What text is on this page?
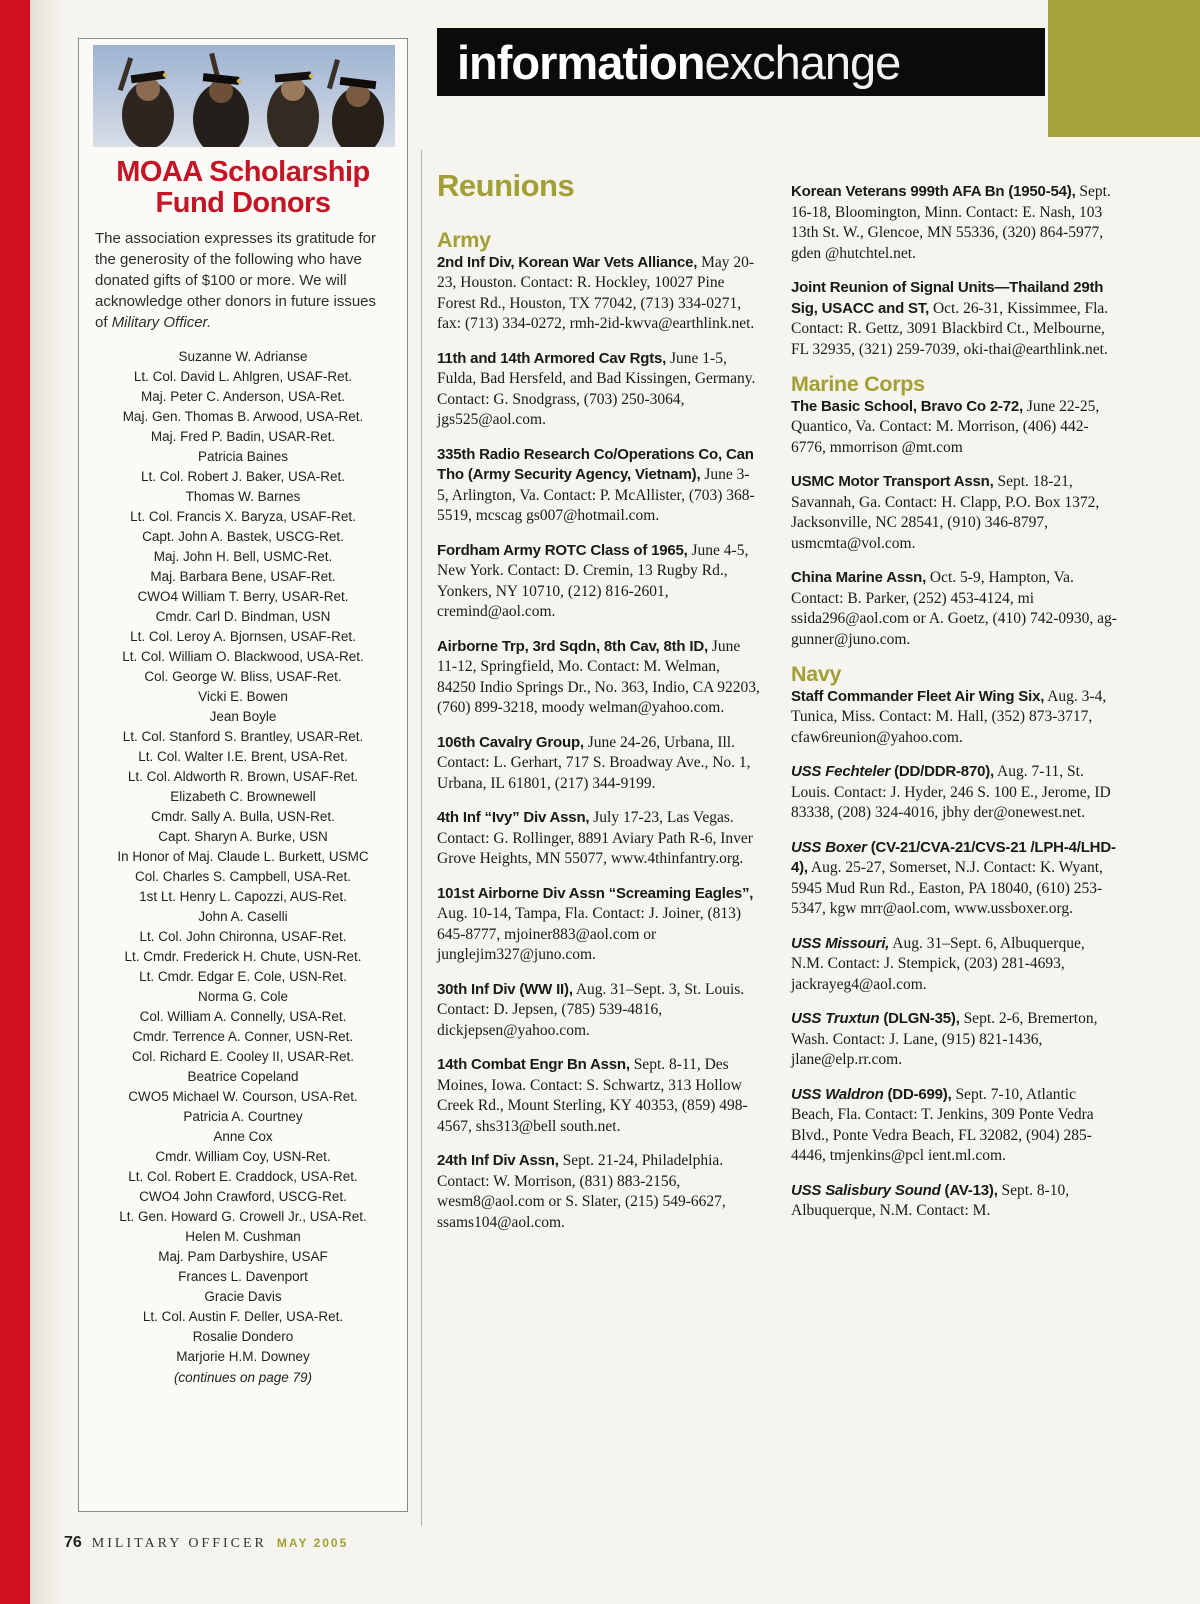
MOAA Scholarship Fund Donors

The association expresses its gratitude for the generosity of the following who have donated gifts of $100 or more. We will acknowledge other donors in future issues of Military Officer.

Suzanne W. Adrianse
Lt. Col. David L. Ahlgren, USAF-Ret.
Maj. Peter C. Anderson, USA-Ret.
Maj. Gen. Thomas B. Arwood, USA-Ret.
Maj. Fred P. Badin, USAR-Ret.
Patricia Baines
Lt. Col. Robert J. Baker, USA-Ret.
Thomas W. Barnes
Lt. Col. Francis X. Baryza, USAF-Ret.
Capt. John A. Bastek, USCG-Ret.
Maj. John H. Bell, USMC-Ret.
Maj. Barbara Bene, USAF-Ret.
CWO4 William T. Berry, USAR-Ret.
Cmdr. Carl D. Bindman, USN
Lt. Col. Leroy A. Bjornsen, USAF-Ret.
Lt. Col. William O. Blackwood, USA-Ret.
Col. George W. Bliss, USAF-Ret.
Vicki E. Bowen
Jean Boyle
Lt. Col. Stanford S. Brantley, USAR-Ret.
Lt. Col. Walter I.E. Brent, USA-Ret.
Lt. Col. Aldworth R. Brown, USAF-Ret.
Elizabeth C. Brownewell
Cmdr. Sally A. Bulla, USN-Ret.
Capt. Sharyn A. Burke, USN
In Honor of Maj. Claude L. Burkett, USMC
Col. Charles S. Campbell, USA-Ret.
1st Lt. Henry L. Capozzi, AUS-Ret.
John A. Caselli
Lt. Col. John Chironna, USAF-Ret.
Lt. Cmdr. Frederick H. Chute, USN-Ret.
Lt. Cmdr. Edgar E. Cole, USN-Ret.
Norma G. Cole
Col. William A. Connelly, USA-Ret.
Cmdr. Terrence A. Conner, USN-Ret.
Col. Richard E. Cooley II, USAR-Ret.
Beatrice Copeland
CWO5 Michael W. Courson, USA-Ret.
Patricia A. Courtney
Anne Cox
Cmdr. William Coy, USN-Ret.
Lt. Col. Robert E. Craddock, USA-Ret.
CWO4 John Crawford, USCG-Ret.
Lt. Gen. Howard G. Crowell Jr., USA-Ret.
Helen M. Cushman
Maj. Pam Darbyshire, USAF
Frances L. Davenport
Gracie Davis
Lt. Col. Austin F. Deller, USA-Ret.
Rosalie Dondero
Marjorie H.M. Downey
(continues on page 79)
information exchange
Reunions
Army

2nd Inf Div, Korean War Vets Alliance, May 20-23, Houston. Contact: R. Hockley, 10027 Pine Forest Rd., Houston, TX 77042, (713) 334-0271, fax: (713) 334-0272, rmh-2id-kwva@earthlink.net.

11th and 14th Armored Cav Rgts, June 1-5, Fulda, Bad Hersfeld, and Bad Kissingen, Germany. Contact: G. Snodgrass, (703) 250-3064, jgs525@aol.com.

335th Radio Research Co/Operations Co, Can Tho (Army Security Agency, Vietnam), June 3-5, Arlington, Va. Contact: P. McAllister, (703) 368-5519, mcscag gs007@hotmail.com.

Fordham Army ROTC Class of 1965, June 4-5, New York. Contact: D. Cremin, 13 Rugby Rd., Yonkers, NY 10710, (212) 816-2601, cremind@aol.com.

Airborne Trp, 3rd Sqdn, 8th Cav, 8th ID, June 11-12, Springfield, Mo. Contact: M. Welman, 84250 Indio Springs Dr., No. 363, Indio, CA 92203, (760) 899-3218, moody welman@yahoo.com.

106th Cavalry Group, June 24-26, Urbana, Ill. Contact: L. Gerhart, 717 S. Broadway Ave., No. 1, Urbana, IL 61801, (217) 344-9199.

4th Inf “Ivy” Div Assn, July 17-23, Las Vegas. Contact: G. Rollinger, 8891 Aviary Path R-6, Inver Grove Heights, MN 55077, www.4thinfantry.org.

101st Airborne Div Assn “Screaming Eagles”, Aug. 10-14, Tampa, Fla. Contact: J. Joiner, (813) 645-8777, mjoiner883@aol.com or junglejim327@juno.com.

30th Inf Div (WW II), Aug. 31–Sept. 3, St. Louis. Contact: D. Jepsen, (785) 539-4816, dickjepsen@yahoo.com.

14th Combat Engr Bn Assn, Sept. 8-11, Des Moines, Iowa. Contact: S. Schwartz, 313 Hollow Creek Rd., Mount Sterling, KY 40353, (859) 498-4567, shs313@bell south.net.

24th Inf Div Assn, Sept. 21-24, Philadelphia. Contact: W. Morrison, (831) 883-2156, wesm8@aol.com or S. Slater, (215) 549-6627, ssams104@aol.com.

Korean Veterans 999th AFA Bn (1950-54), Sept. 16-18, Bloomington, Minn. Contact: E. Nash, 103 13th St. W., Glencoe, MN 55336, (320) 864-5977, gden @hutchtel.net.

Joint Reunion of Signal Units—Thailand 29th Sig, USACC and ST, Oct. 26-31, Kissimmee, Fla. Contact: R. Gettz, 3091 Blackbird Ct., Melbourne, FL 32935, (321) 259-7039, oki-thai@earthlink.net.

Marine Corps

The Basic School, Bravo Co 2-72, June 22-25, Quantico, Va. Contact: M. Morrison, (406) 442-6776, mmorrison @mt.com

USMC Motor Transport Assn, Sept. 18-21, Savannah, Ga. Contact: H. Clapp, P.O. Box 1372, Jacksonville, NC 28541, (910) 346-8797, usmcmta@vol.com.

China Marine Assn, Oct. 5-9, Hampton, Va. Contact: B. Parker, (252) 453-4124, mi ssida296@aol.com or A. Goetz, (410) 742-0930, ag-gunner@juno.com.

Navy

Staff Commander Fleet Air Wing Six, Aug. 3-4, Tunica, Miss. Contact: M. Hall, (352) 873-3717, cfaw6reunion@yahoo.com.

USS Fechteler (DD/DDR-870), Aug. 7-11, St. Louis. Contact: J. Hyder, 246 S. 100 E., Jerome, ID 83338, (208) 324-4016, jbhy der@onewest.net.

USS Boxer (CV-21/CVA-21/CVS-21 /LPH-4/LHD-4), Aug. 25-27, Somerset, N.J. Contact: K. Wyant, 5945 Mud Run Rd., Easton, PA 18040, (610) 253-5347, kgw mrr@aol.com, www.ussboxer.org.

USS Missouri, Aug. 31–Sept. 6, Albuquerque, N.M. Contact: J. Stempick, (203) 281-4693, jackrayeg4@aol.com.

USS Truxtun (DLGN-35), Sept. 2-6, Bremerton, Wash. Contact: J. Lane, (915) 821-1436, jlane@elp.rr.com.

USS Waldron (DD-699), Sept. 7-10, Atlantic Beach, Fla. Contact: T. Jenkins, 309 Ponte Vedra Blvd., Ponte Vedra Beach, FL 32082, (904) 285-4446, tmjenkins@pcl ient.ml.com.

USS Salisbury Sound (AV-13), Sept. 8-10, Albuquerque, N.M. Contact: M.

76 MILITARY OFFICER MAY 2005
